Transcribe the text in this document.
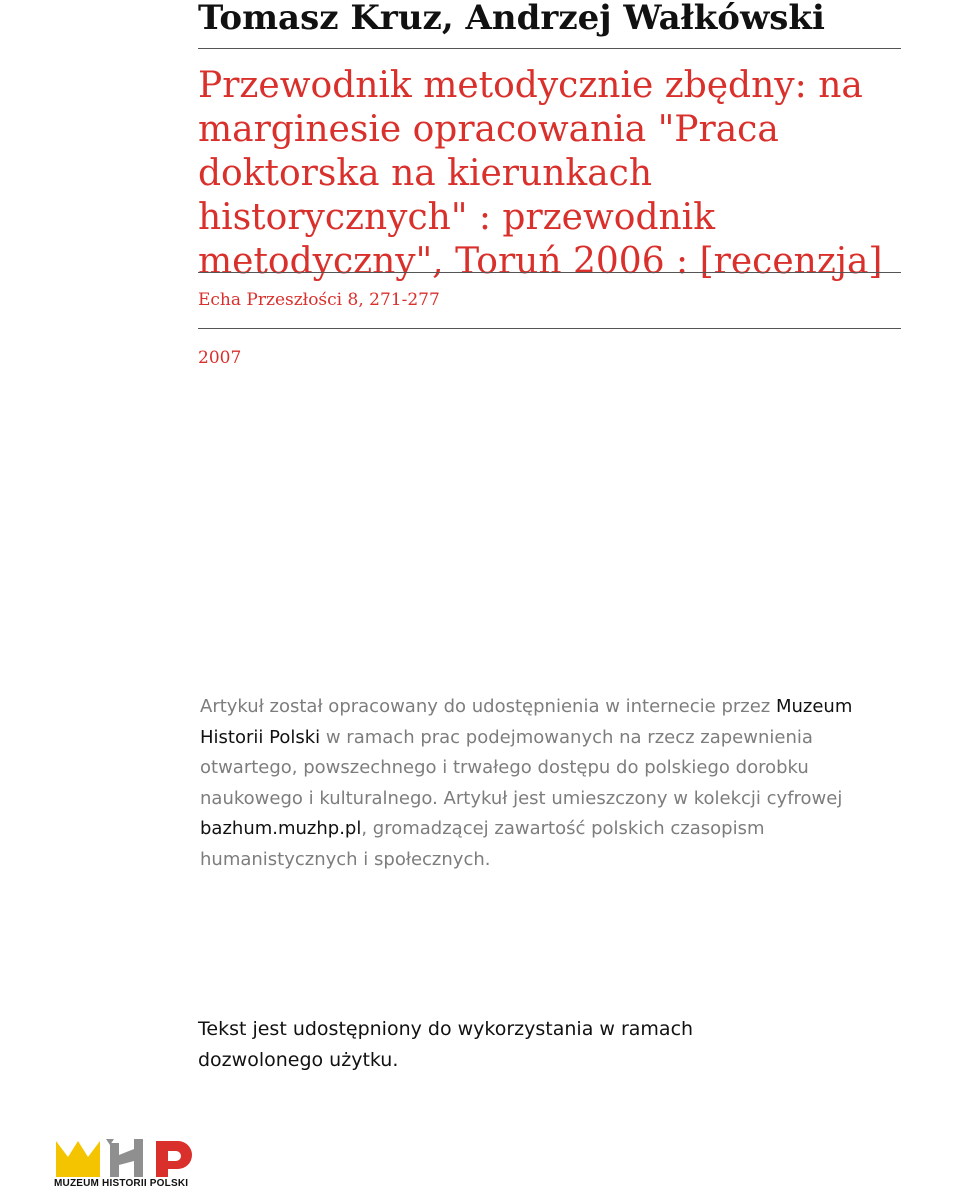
Tomasz Kruz, Andrzej Wałkówski
Przewodnik metodycznie zbędny: na marginesie opracowania "Praca doktorska na kierunkach historycznych" : przewodnik metodyczny", Toruń 2006 : [recenzja]
Echa Przeszłości 8, 271-277
2007
Artykuł został opracowany do udostępnienia w internecie przez Muzeum Historii Polski w ramach prac podejmowanych na rzecz zapewnienia otwartego, powszechnego i trwałego dostępu do polskiego dorobku naukowego i kulturalnego. Artykuł jest umieszczony w kolekcji cyfrowej bazhum.muzhp.pl, gromadzącej zawartość polskich czasopism humanistycznych i społecznych.
Tekst jest udostępniony do wykorzystania w ramach dozwolonego użytku.
MUZEUM HISTORII POLSKI
